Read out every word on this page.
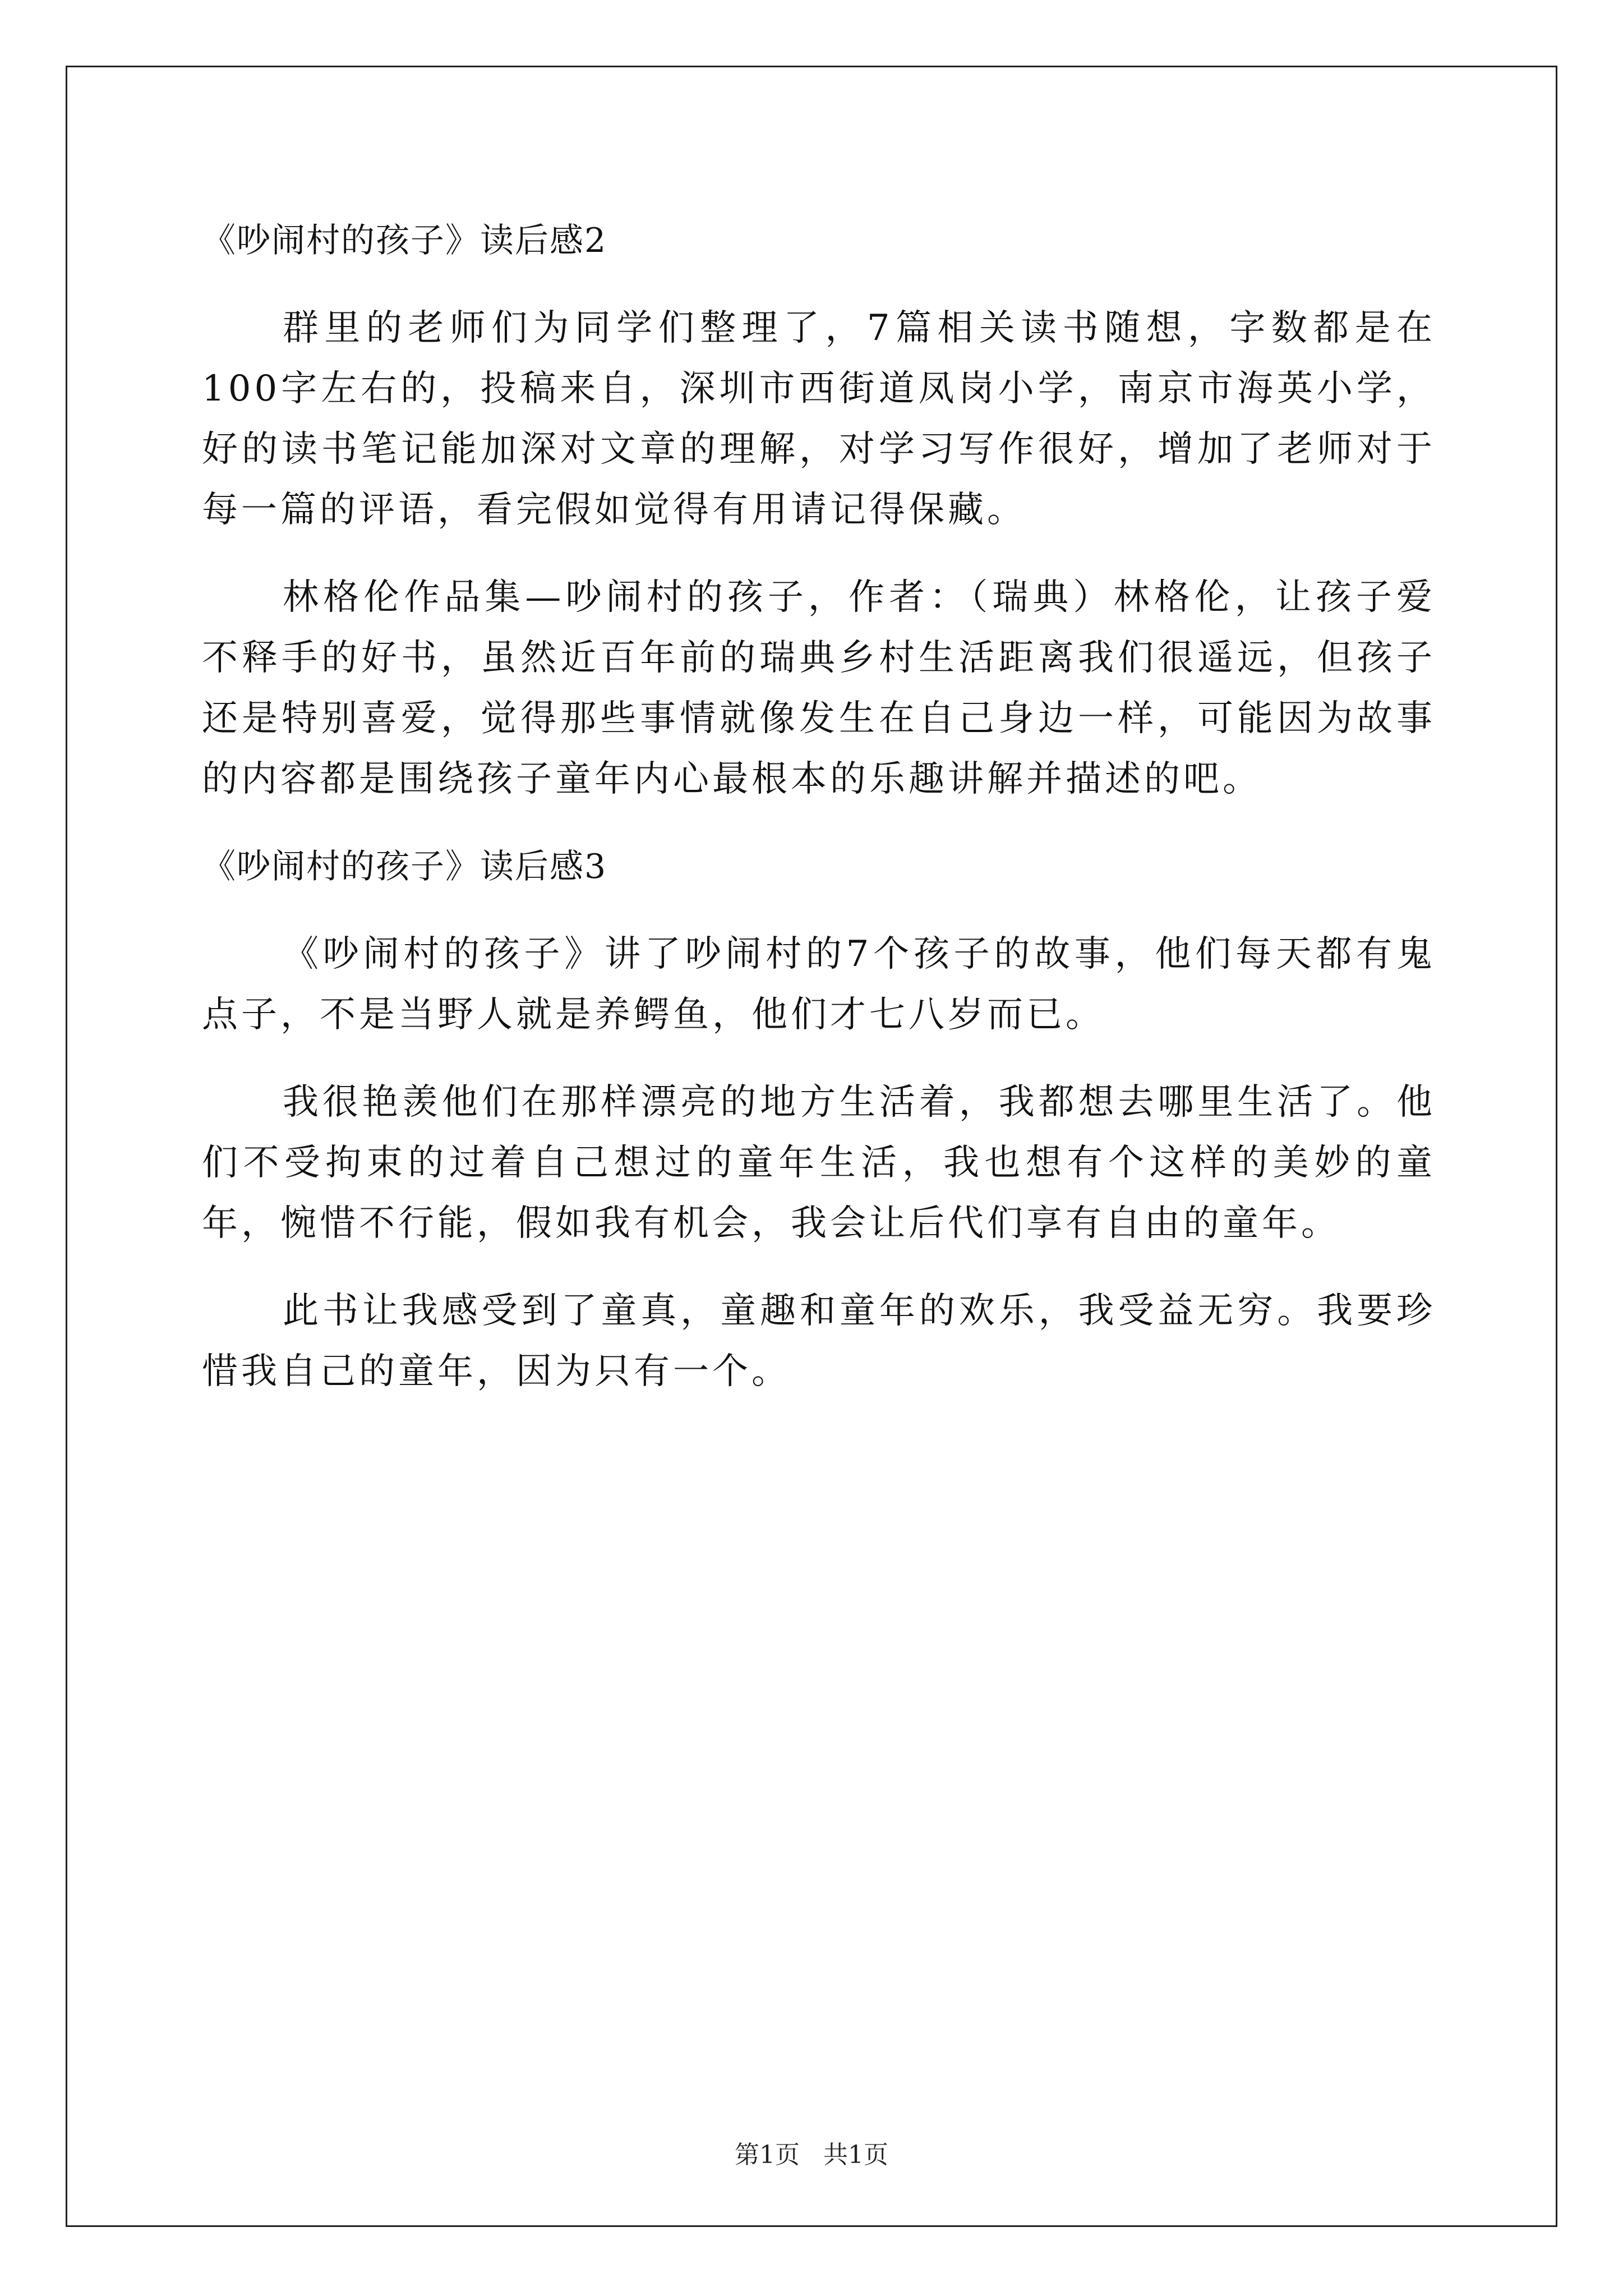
《吵闹村的孩子》读后感2

群里的老师们为同学们整理了，7篇相关读书随想，字数都是在100字左右的，投稿来自，深圳市西街道凤岗小学，南京市海英小学，好的读书笔记能加深对文章的理解，对学习写作很好，增加了老师对于每一篇的评语，看完假如觉得有用请记得保藏。

林格伦作品集—吵闹村的孩子，作者：（瑞典）林格伦，让孩子爱不释手的好书，虽然近百年前的瑞典乡村生活距离我们很遥远，但孩子还是特别喜爱，觉得那些事情就像发生在自己身边一样，可能因为故事的内容都是围绕孩子童年内心最根本的乐趣讲解并描述的吧。

《吵闹村的孩子》读后感3

《吵闹村的孩子》讲了吵闹村的7个孩子的故事，他们每天都有鬼点子，不是当野人就是养鳄鱼，他们才七八岁而已。

我很艳羡他们在那样漂亮的地方生活着，我都想去哪里生活了。他们不受拘束的过着自己想过的童年生活，我也想有个这样的美妙的童年，惋惜不行能，假如我有机会，我会让后代们享有自由的童年。

此书让我感受到了童真，童趣和童年的欢乐，我受益无穷。我要珍惜我自己的童年，因为只有一个。

第1页   共1页
